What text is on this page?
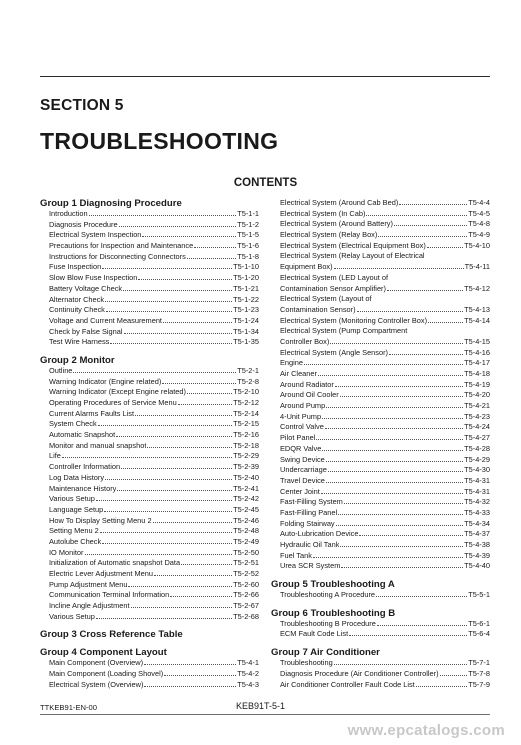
SECTION 5
TROUBLESHOOTING
CONTENTS
Group 1 Diagnosing Procedure
Introduction	T5-1-1
Diagnosis Procedure	T5-1-2
Electrical System Inspection	T5-1-5
Precautions for Inspection and Maintenance	T5-1-6
Instructions for Disconnecting Connectors	T5-1-8
Fuse Inspection	T5-1-10
Slow Blow Fuse Inspection	T5-1-20
Battery Voltage Check	T5-1-21
Alternator Check	T5-1-22
Continuity Check	T5-1-23
Voltage and Current Measurement	T5-1-24
Check by False Signal	T5-1-34
Test Wire Harness	T5-1-35
Group 2 Monitor
Outline	T5-2-1
Warning Indicator (Engine related)	T5-2-8
Warning Indicator (Except Engine related)	T5-2-10
Operating Procedures of Service Menu	T5-2-12
Current Alarms Faults List	T5-2-14
System Check	T5-2-15
Automatic Snapshot	T5-2-16
Monitor and manual snapshot	T5-2-18
Life	T5-2-29
Controller Information	T5-2-39
Log Data History	T5-2-40
Maintenance History	T5-2-41
Various Setup	T5-2-42
Language Setup	T5-2-45
How To Display Setting Menu 2	T5-2-46
Setting Menu 2	T5-2-48
Autolube Check	T5-2-49
IO Monitor	T5-2-50
Initialization of Automatic snapshot Data	T5-2-51
Electric Lever Adjustment Menu	T5-2-52
Pump Adjustment Menu	T5-2-60
Communication Terminal Information	T5-2-66
Incline Angle Adjustment	T5-2-67
Various Setup	T5-2-68
Group 3 Cross Reference Table
Group 4 Component Layout
Main Component (Overview)	T5-4-1
Main Component (Loading Shovel)	T5-4-2
Electrical System (Overview)	T5-4-3
Electrical System (Around Cab Bed)	T5-4-4
Electrical System (In Cab)	T5-4-5
Electrical System (Around Battery)	T5-4-8
Electrical System (Relay Box)	T5-4-9
Electrical System (Electrical Equipment Box)	T5-4-10
Electrical System (Relay Layout of Electrical
Equipment Box)	T5-4-11
Electrical System (LED Layout of
Contamination Sensor Amplifier)	T5-4-12
Electrical System (Layout of
Contamination Sensor)	T5-4-13
Electrical System (Monitoring Controller Box)	T5-4-14
Electrical System (Pump Compartment
Controller Box)	T5-4-15
Electrical System (Angle Sensor)	T5-4-16
Engine	T5-4-17
Air Cleaner	T5-4-18
Around Radiator	T5-4-19
Around Oil Cooler	T5-4-20
Around Pump	T5-4-21
4-Unit Pump	T5-4-23
Control Valve	T5-4-24
Pilot Panel	T5-4-27
EDQR Valve	T5-4-28
Swing Device	T5-4-29
Undercarriage	T5-4-30
Travel Device	T5-4-31
Center Joint	T5-4-31
Fast-Filling System	T5-4-32
Fast-Filling Panel	T5-4-33
Folding Stairway	T5-4-34
Auto-Lubrication Device	T5-4-37
Hydraulic Oil Tank	T5-4-38
Fuel Tank	T5-4-39
Urea SCR System	T5-4-40
Group 5 Troubleshooting A
Troubleshooting A Procedure	T5-5-1
Group 6 Troubleshooting B
Troubleshooting B Procedure	T5-6-1
ECM Fault Code List	T5-6-4
Group 7 Air Conditioner
Troubleshooting	T5-7-1
Diagnosis Procedure (Air Conditioner Controller)	T5-7-8
Air Conditioner Controller Fault Code List	T5-7-9
TTKEB91-EN-00	KEB91T-5-1
www.epcatalogs.com
